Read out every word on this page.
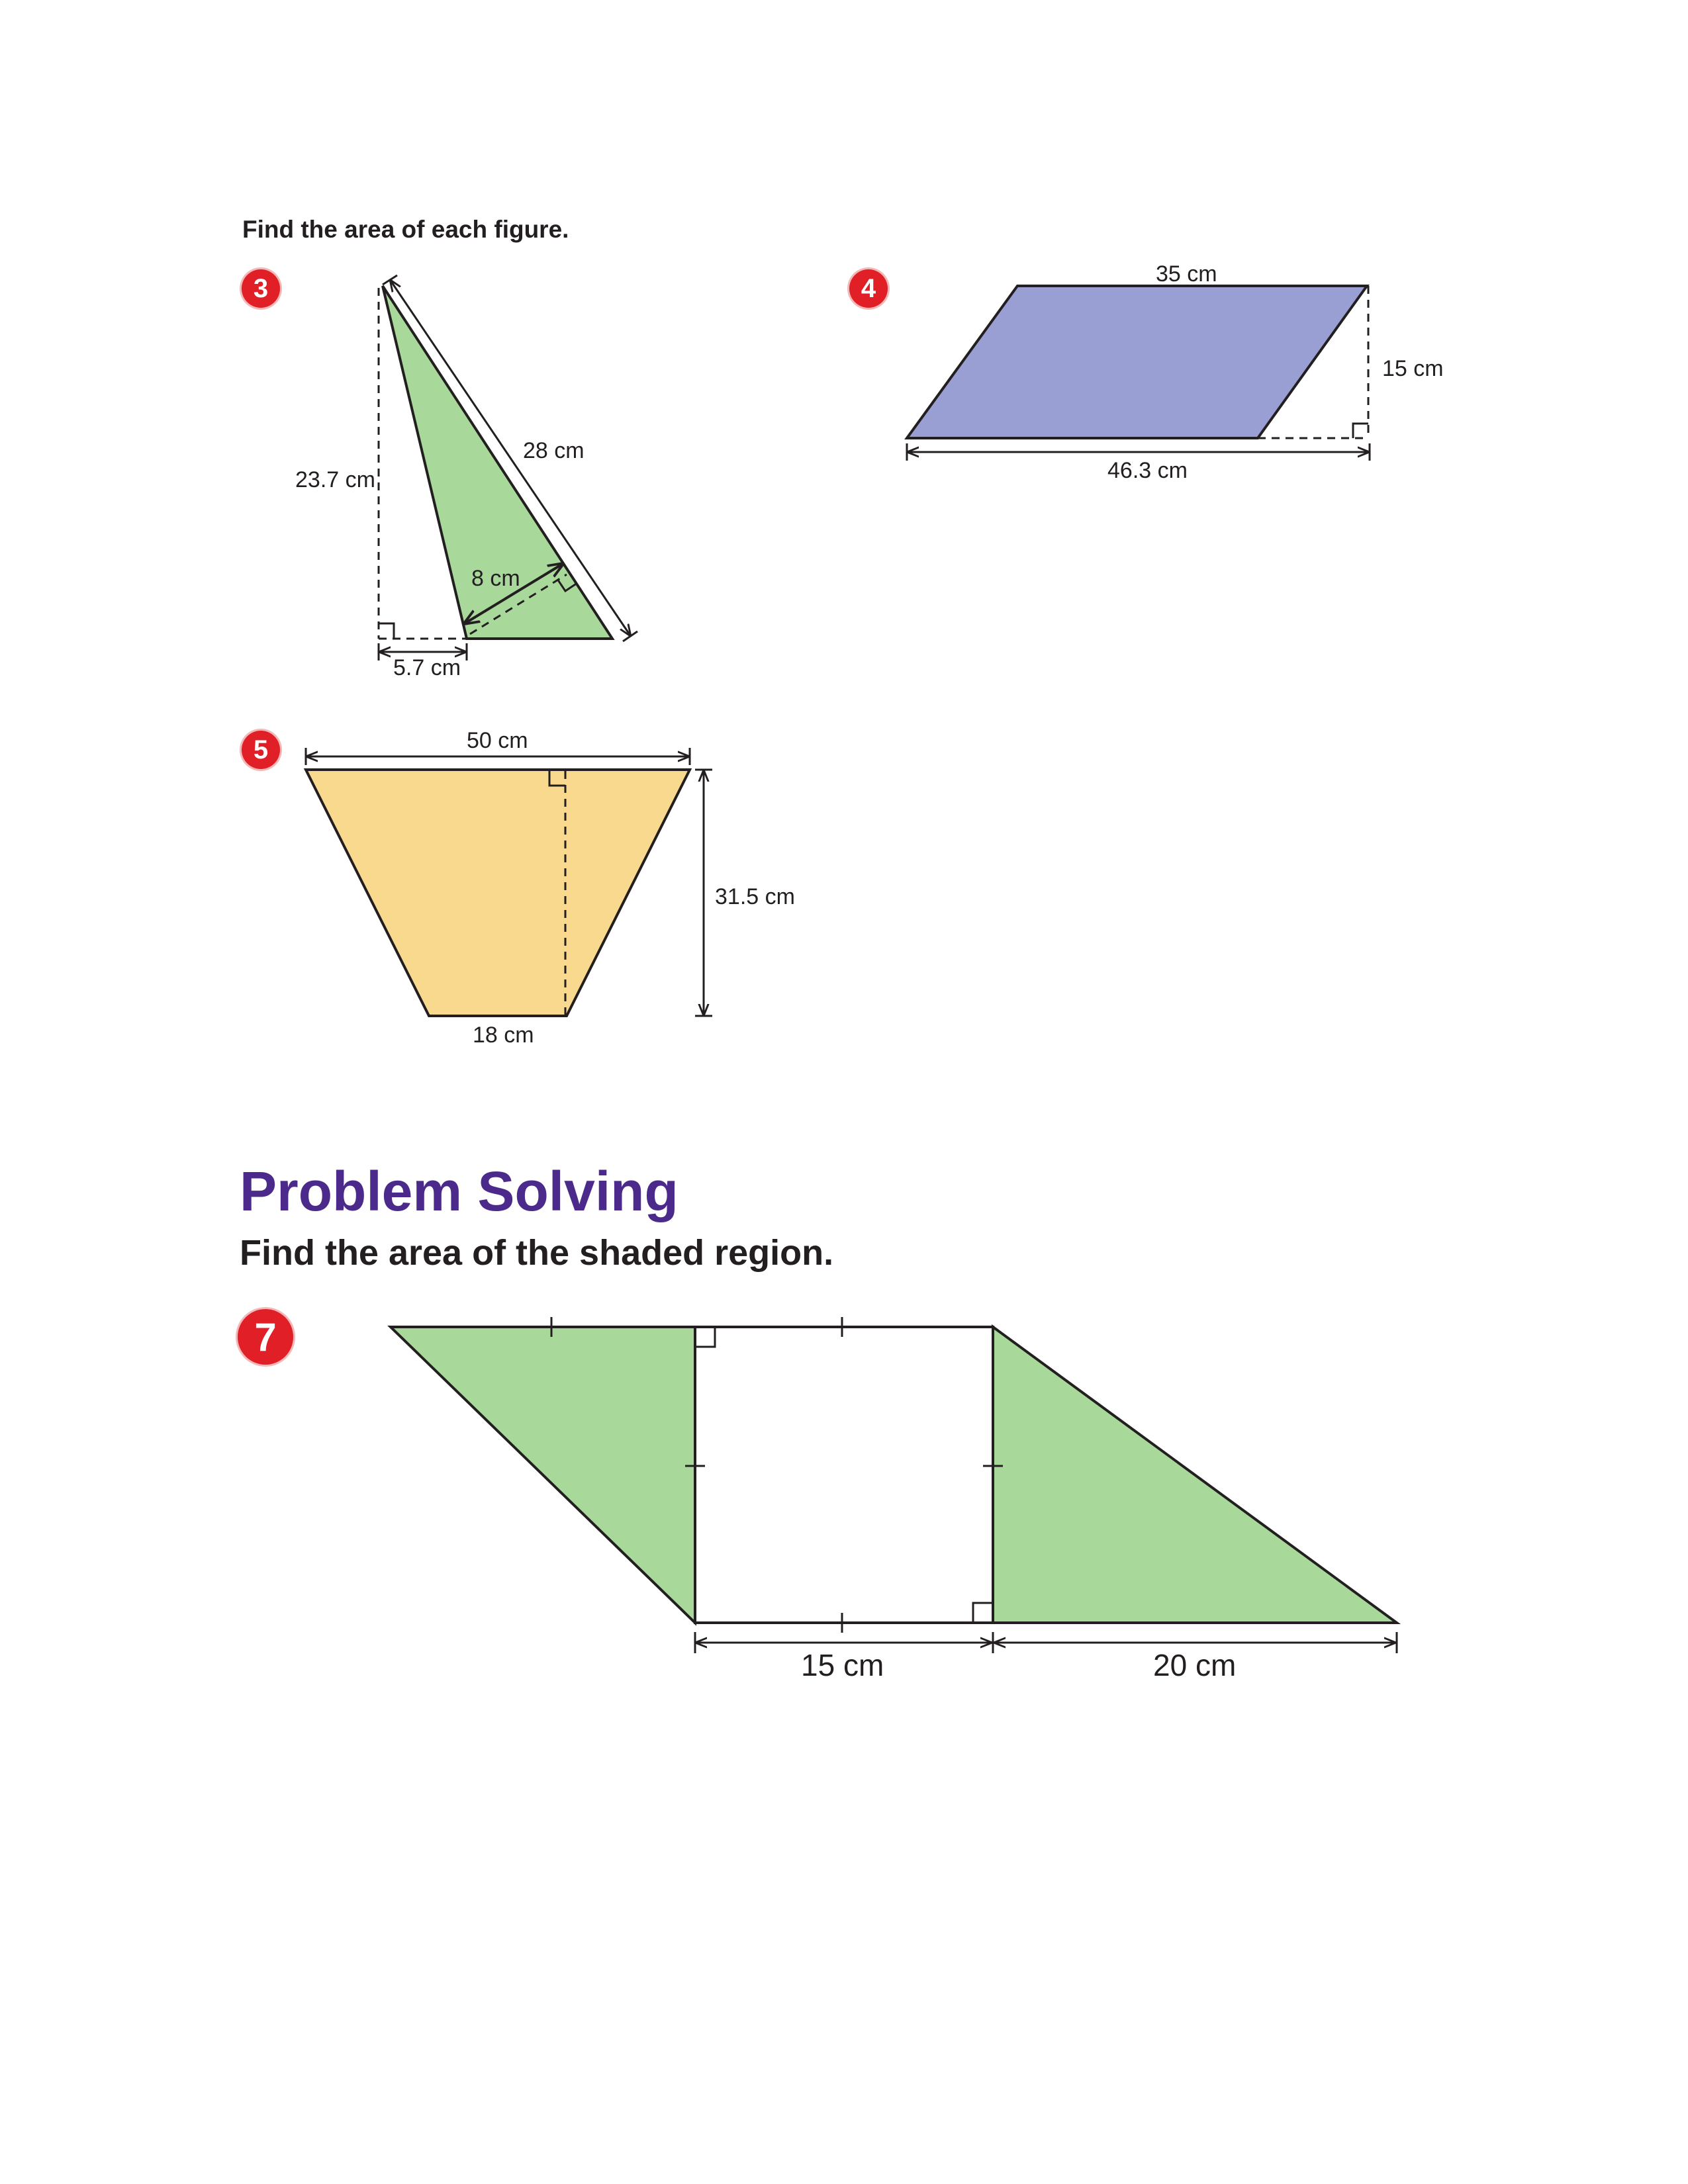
Find the area of each figure.
3	4
5
Problem Solving
Find the area of the shaded region.
7
28 cm
23.7 cm
8 cm
5.7 cm
35 cm
15 cm
46.3 cm
50 cm
31.5 cm
18 cm
15 cm	20 cm
